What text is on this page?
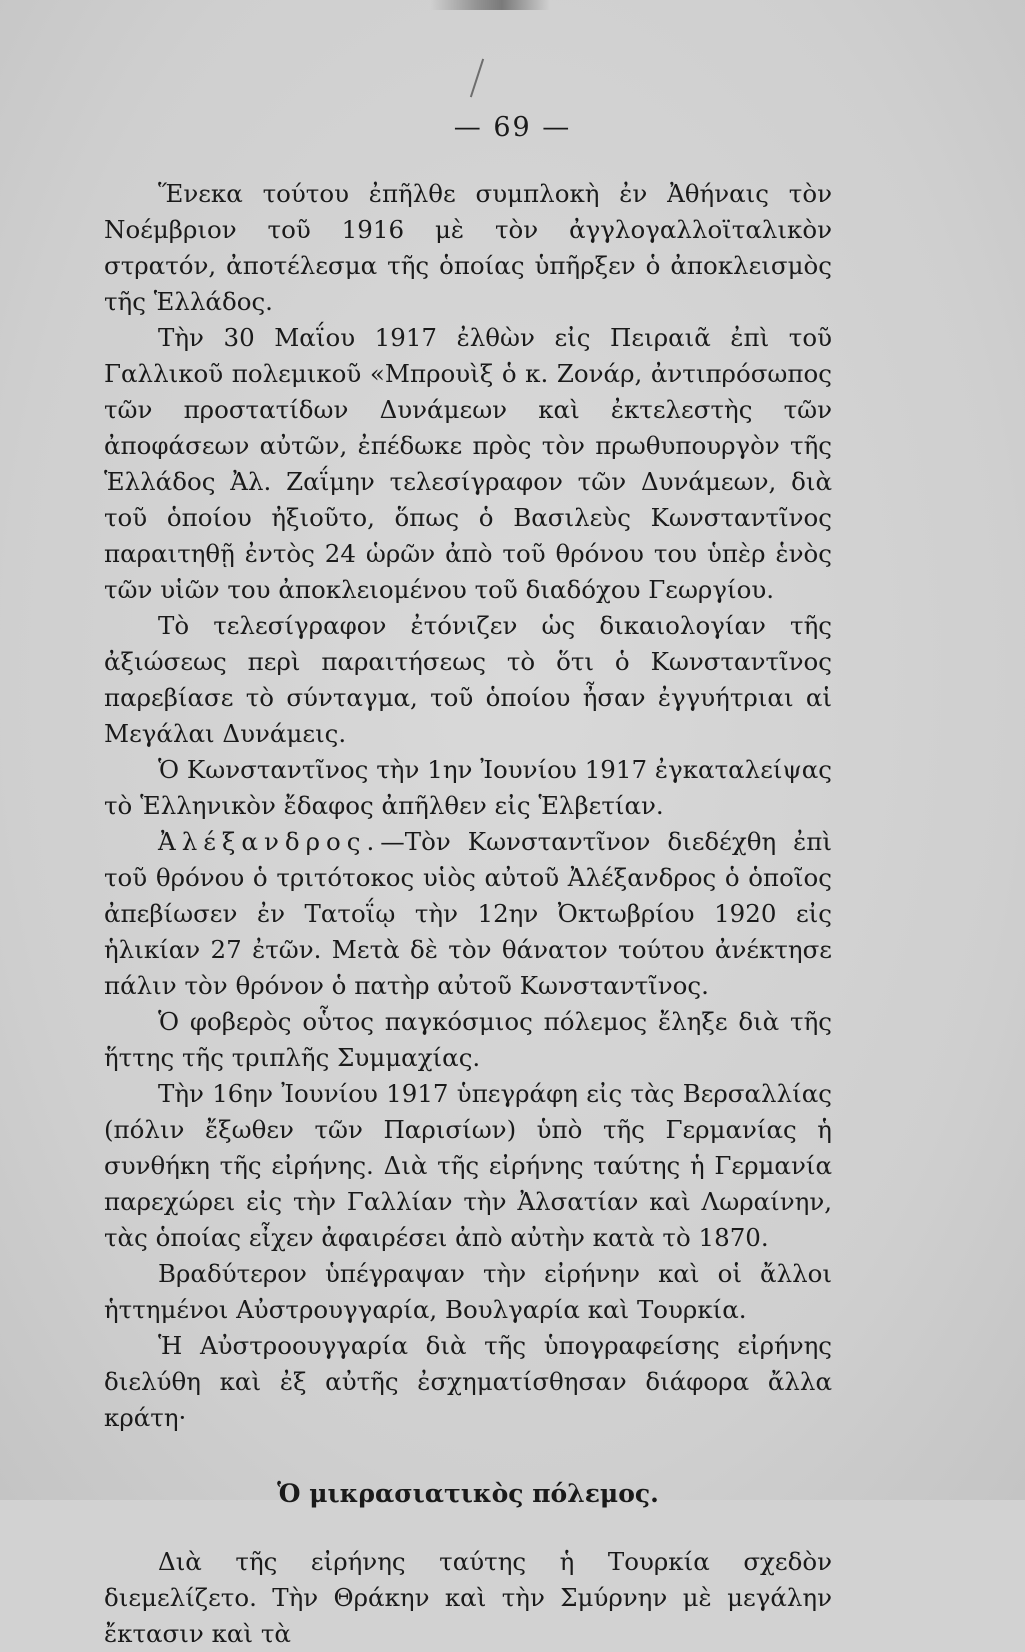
— 69 —

Ἕνεκα τούτου ἐπῆλθε συμπλοκὴ ἐν Ἀθήναις τὸν Νοέμβριον τοῦ 1916 μὲ τὸν ἀγγλογαλλοϊταλικὸν στρατόν, ἀποτέλεσμα τῆς ὁποίας ὑπῆρξεν ὁ ἀποκλεισμὸς τῆς Ἑλλάδος.

Τὴν 30 Μαΐου 1917 ἐλθὼν εἰς Πειραιᾶ ἐπὶ τοῦ Γαλλικοῦ πολεμικοῦ «Μπρουὶξ ὁ κ. Ζονάρ, ἀντιπρόσωπος τῶν προστατίδων Δυνάμεων καὶ ἐκτελεστὴς τῶν ἀποφάσεων αὐτῶν, ἐπέδωκε πρὸς τὸν πρωθυπουργὸν τῆς Ἑλλάδος Ἀλ. Ζαΐμην τελεσίγραφον τῶν Δυνάμεων, διὰ τοῦ ὁποίου ἠξιοῦτο, ὅπως ὁ Βασιλεὺς Κωνσταντῖνος παραιτηθῇ ἐντὸς 24 ὡρῶν ἀπὸ τοῦ θρόνου του ὑπὲρ ἑνὸς τῶν υἱῶν του ἀποκλειομένου τοῦ διαδόχου Γεωργίου.

Τὸ τελεσίγραφον ἐτόνιζεν ὡς δικαιολογίαν τῆς ἀξιώσεως περὶ παραιτήσεως τὸ ὅτι ὁ Κωνσταντῖνος παρεβίασε τὸ σύνταγμα, τοῦ ὁποίου ἦσαν ἐγγυήτριαι αἱ Μεγάλαι Δυνάμεις.

Ὁ Κωνσταντῖνος τὴν 1ην Ἰουνίου 1917 ἐγκαταλείψας τὸ Ἑλληνικὸν ἔδαφος ἀπῆλθεν εἰς Ἑλβετίαν.

Ἀλέξανδρος.—Τὸν Κωνσταντῖνον διεδέχθη ἐπὶ τοῦ θρόνου ὁ τριτότοκος υἱὸς αὐτοῦ Ἀλέξανδρος ὁ ὁποῖος ἀπεβίωσεν ἐν Τατοΐῳ τὴν 12ην Ὀκτωβρίου 1920 εἰς ἡλικίαν 27 ἐτῶν. Μετὰ δὲ τὸν θάνατον τούτου ἀνέκτησε πάλιν τὸν θρόνον ὁ πατὴρ αὐτοῦ Κωνσταντῖνος.

Ὁ φοβερὸς οὗτος παγκόσμιος πόλεμος ἔληξε διὰ τῆς ἥττης τῆς τριπλῆς Συμμαχίας.

Τὴν 16ην Ἰουνίου 1917 ὑπεγράφη εἰς τὰς Βερσαλλίας (πόλιν ἔξωθεν τῶν Παρισίων) ὑπὸ τῆς Γερμανίας ἡ συνθήκη τῆς εἰρήνης. Διὰ τῆς εἰρήνης ταύτης ἡ Γερμανία παρεχώρει εἰς τὴν Γαλλίαν τὴν Ἀλσατίαν καὶ Λωραίνην, τὰς ὁποίας εἶχεν ἀφαιρέσει ἀπὸ αὐτὴν κατὰ τὸ 1870.

Βραδύτερον ὑπέγραψαν τὴν εἰρήνην καὶ οἱ ἄλλοι ἡττημένοι Αὐστρουγγαρία, Βουλγαρία καὶ Τουρκία.

Ἡ Αὐστροουγγαρία διὰ τῆς ὑπογραφείσης εἰρήνης διελύθη καὶ ἐξ αὐτῆς ἐσχηματίσθησαν διάφορα ἄλλα κράτη·

Ὁ μικρασιατικὸς πόλεμος.

Διὰ τῆς εἰρήνης ταύτης ἡ Τουρκία σχεδὸν διεμελίζετο. Τὴν Θράκην καὶ τὴν Σμύρνην μὲ μεγάλην ἔκτασιν καὶ τὰ
